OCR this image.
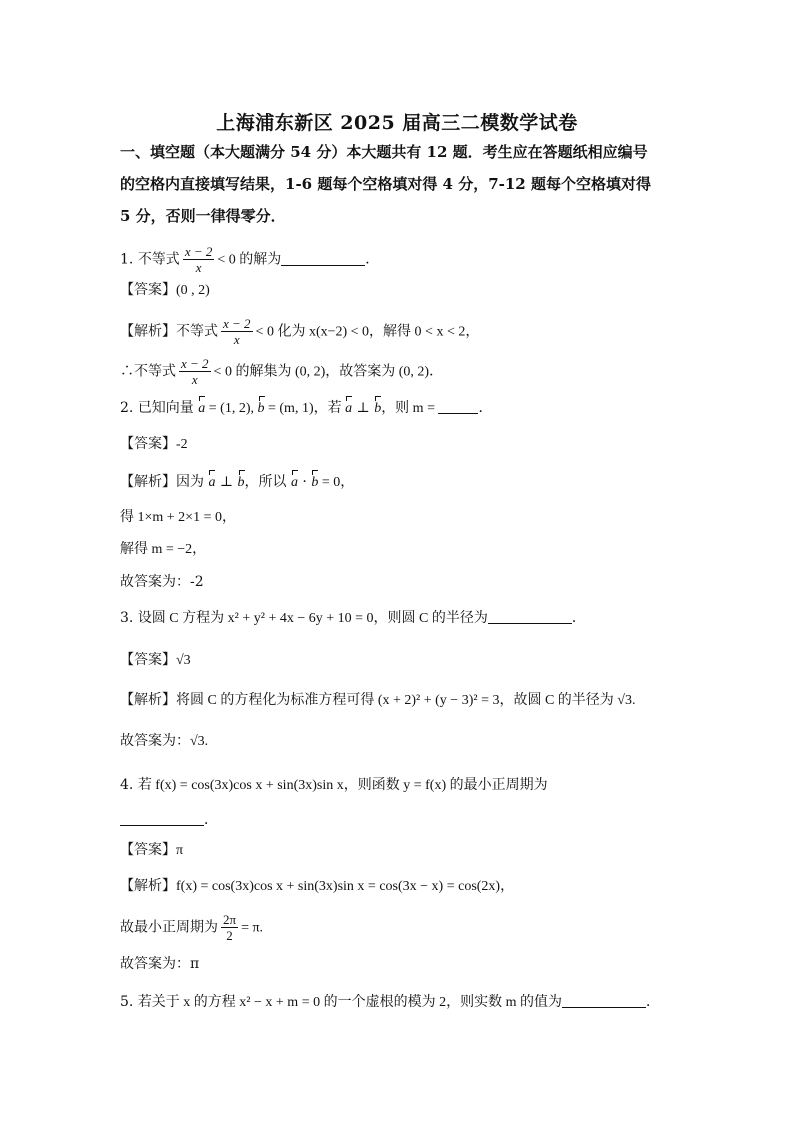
上海浦东新区 2025 届高三二模数学试卷
一、填空题（本大题满分 54 分）本大题共有 12 题．考生应在答题纸相应编号
的空格内直接填写结果，1-6 题每个空格填对得 4 分，7-12 题每个空格填对得
5 分，否则一律得零分．
1. 不等式 $\frac{x - 2}{x} < 0$ 的解为	．
【答案】(0 , 2)
【解析】不等式 $\frac{x - 2}{x} < 0$ 化为 x(x−2) < 0，解得 0 < x < 2，
∴不等式 $\frac{x - 2}{x} < 0$ 的解集为 (0, 2)，故答案为 (0, 2)．
2. 已知向量 a = (1, 2), b = (m, 1)，若 a ⊥ b，则 m =	．
【答案】-2
【解析】因为 a ⊥ b，所以 a · b = 0，
得 1×m + 2×1 = 0，
解得 m = −2，
故答案为：-2
3. 设圆 C 方程为 x² + y² + 4x − 6y + 10 = 0，则圆 C 的半径为	．
【答案】√3
【解析】将圆 C 的方程化为标准方程可得 (x + 2)² + (y − 3)² = 3，故圆 C 的半径为 √3.
故答案为：√3.
4. 若 f(x) = cos(3x)cos x + sin(3x)sin x，则函数 y = f(x) 的最小正周期为
．
【答案】π
【解析】f(x) = cos(3x)cos x + sin(3x)sin x = cos(3x − x) = cos(2x)，
故最小正周期为 $\frac{2\pi}{2} = \pi$.
故答案为：π
5. 若关于 x 的方程 x² − x + m = 0 的一个虚根的模为 2，则实数 m 的值为	．
